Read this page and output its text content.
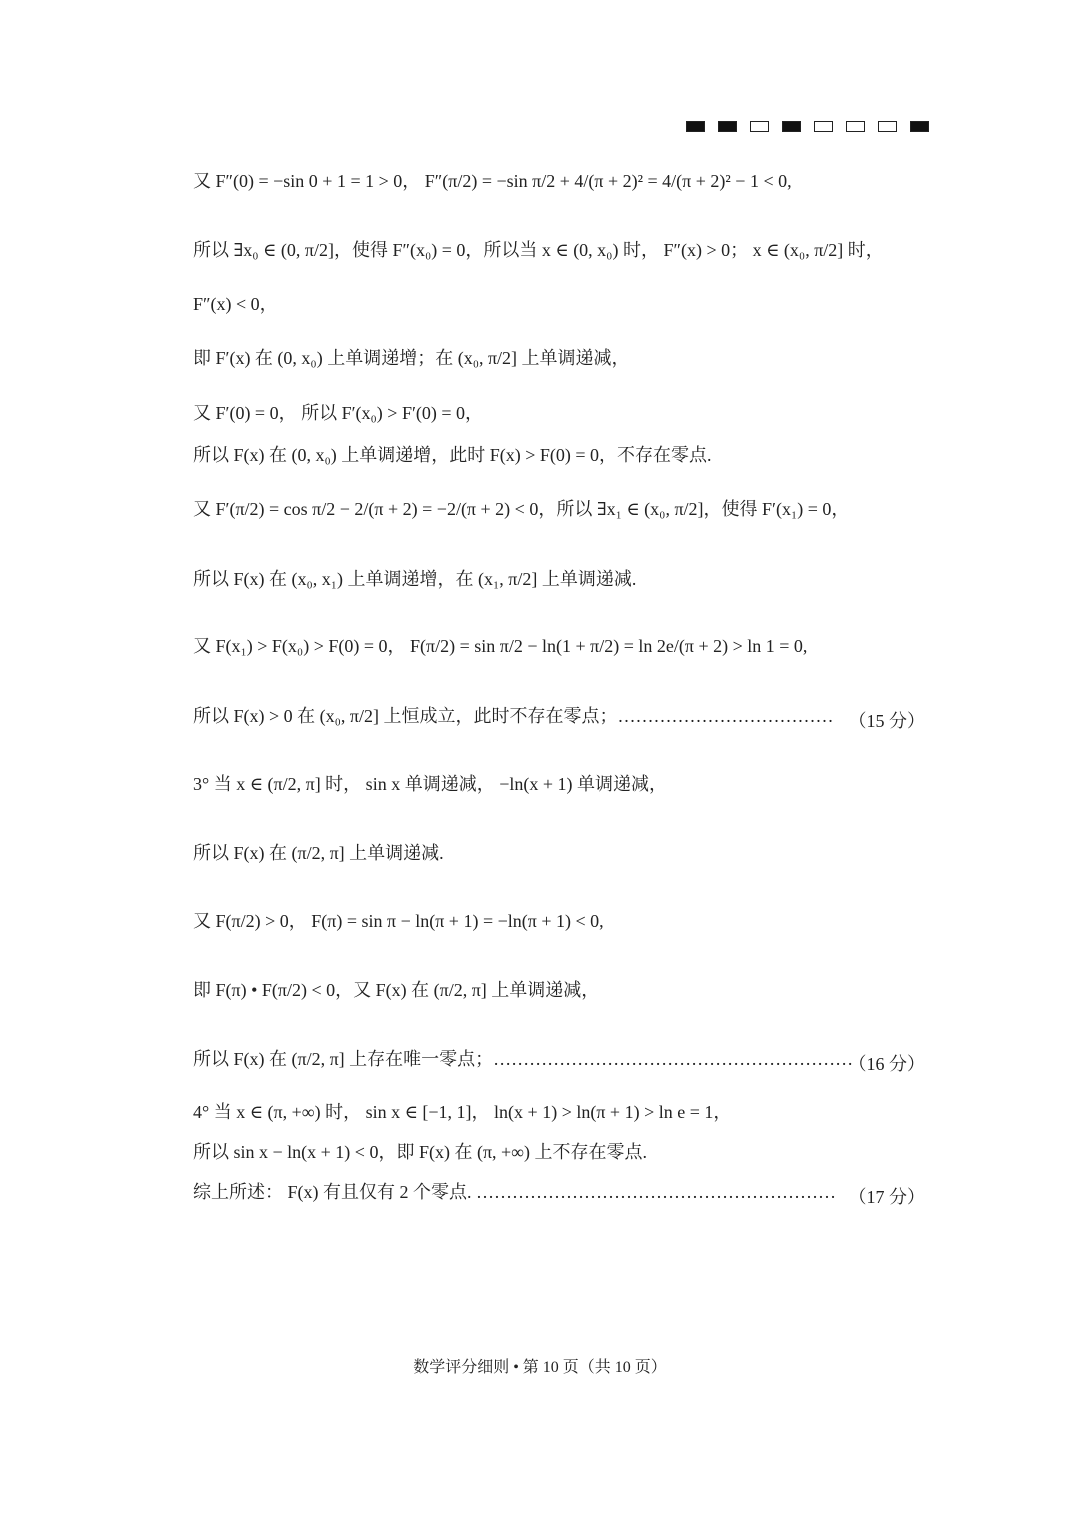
又 F″(0) = −sin 0 + 1 = 1 > 0， F″(π/2) = −sin π/2 + 4/(π + 2)² = 4/(π + 2)² − 1 < 0,
所以 ∃x₀ ∈ (0, π/2]，使得 F″(x₀) = 0，所以当 x ∈ (0, x₀) 时， F″(x) > 0； x ∈ (x₀, π/2] 时，
F″(x) < 0，
即 F′(x) 在 (0, x₀) 上单调递增；在 (x₀, π/2] 上单调递减，
又 F′(0) = 0， 所以 F′(x₀) > F′(0) = 0，
所以 F(x) 在 (0, x₀) 上单调递增，此时 F(x) > F(0) = 0，不存在零点.
又 F′(π/2) = cos π/2 − 2/(π + 2) = −2/(π + 2) < 0，所以 ∃x₁ ∈ (x₀, π/2]，使得 F′(x₁) = 0，
所以 F(x) 在 (x₀, x₁) 上单调递增，在 (x₁, π/2] 上单调递减.
又 F(x₁) > F(x₀) > F(0) = 0， F(π/2) = sin π/2 − ln(1 + π/2) = ln 2e/(π + 2) > ln 1 = 0,
所以 F(x) > 0 在 (x₀, π/2] 上恒成立，此时不存在零点；……………………………… （15 分）
3° 当 x ∈ (π/2, π] 时， sin x 单调递减， −ln(x + 1) 单调递减，
所以 F(x) 在 (π/2, π] 上单调递减.
又 F(π/2) > 0， F(π) = sin π − ln(π + 1) = −ln(π + 1) < 0,
即 F(π) • F(π/2) < 0，又 F(x) 在 (π/2, π] 上单调递减，
所以 F(x) 在 (π/2, π] 上存在唯一零点；……………………………………………………
（16 分）
4° 当 x ∈ (π, +∞) 时， sin x ∈ [−1, 1]， ln(x + 1) > ln(π + 1) > ln e = 1，
所以 sin x − ln(x + 1) < 0，即 F(x) 在 (π, +∞) 上不存在零点.
综上所述： F(x) 有且仅有 2 个零点. …………………………………………………… （17 分）
数学评分细则 • 第 10 页（共 10 页）
